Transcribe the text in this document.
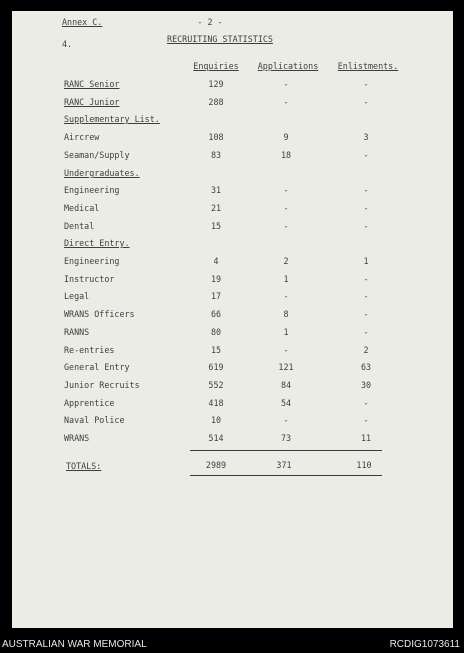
Annex C.	- 2 -
4.	RECRUITING STATISTICS
Enquiries Applications Enlistments.
RANC Senior	129	-	-
RANC Junior	288	-	-
Supplementary List.
Aircrew	108	9	3
Seaman/Supply	83	18	-
Undergraduates.
Engineering	31	-	-
Medical	21	-	-
Dental	15	-	-
Direct Entry.
Engineering	4	2	1
Instructor	19	1	-
Legal	17	-	-
WRANS Officers	66	8	-
RANNS	80	1	-
Re-entries	15	-	2
General Entry	619	121	63
Junior Recruits	552	84	30
Apprentice	418	54	-
Naval Police	10	-	-
WRANS	514	73	11
TOTALS:	2989	371	110
AUSTRALIAN WAR MEMORIAL	RCDIG1073611
